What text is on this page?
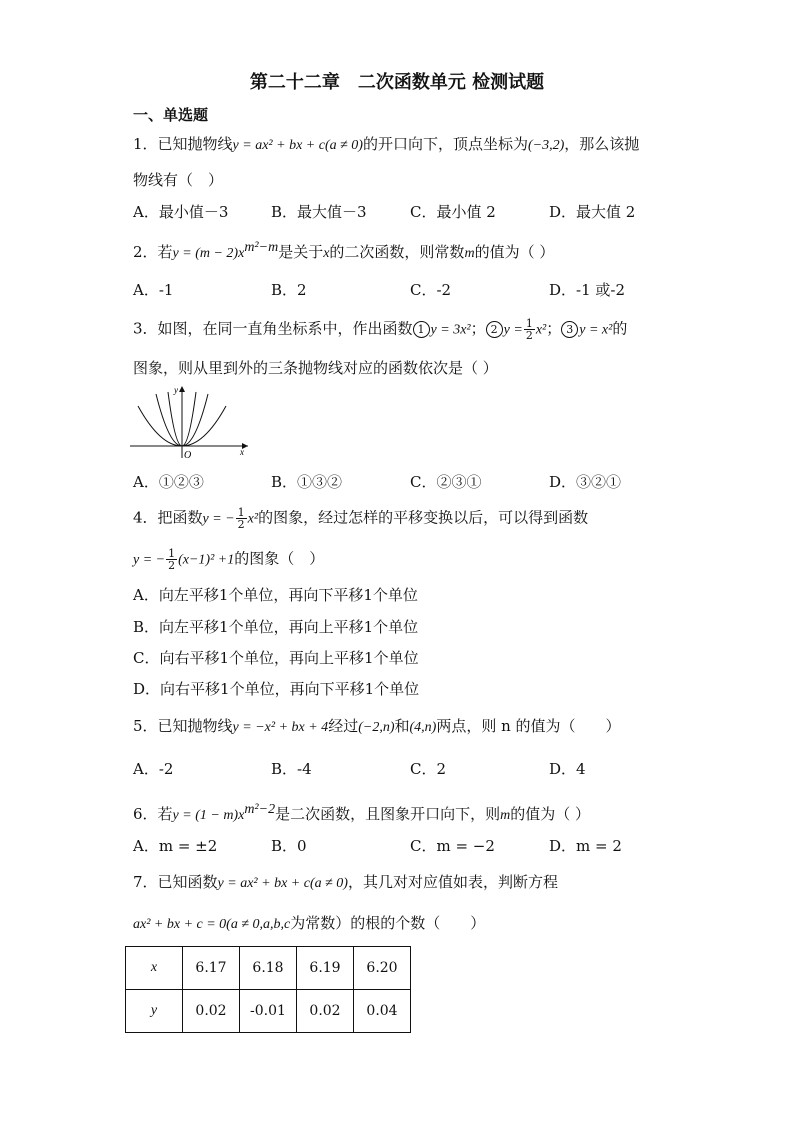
第二十二章　二次函数单元 检测试题
一、单选题
1．已知抛物线y = ax² + bx + c(a ≠ 0)的开口向下，顶点坐标为(−3,2)，那么该抛
物线有（　）
A．最小值－3	B．最大值－3	C．最小值 2	D．最大值 2
2．若$y = (m - 2)x^{m^2-m}$是关于x的二次函数，则常数m的值为（ ）
A．-1	B．2	C．-2	D．-1 或-2
3．如图，在同一直角坐标系中，作出函数 1 y = 3x²； 2 $y = \frac{1}{2} x^2$； 3 y = x²的
图象，则从里到外的三条抛物线对应的函数依次是（ ）
y
x
O
A．①②③	B．①③②	C．②③①	D．③②①
4．把函数y = − $\frac{1}{2} x^2$的图象，经过怎样的平移变换以后，可以得到函数
y = − $\frac{1}{2} (x-1)^2 +1$的图象（　）
A．向左平移1个单位，再向下平移1个单位
B．向左平移1个单位，再向上平移1个单位
C．向右平移1个单位，再向上平移1个单位
D．向右平移1个单位，再向下平移1个单位
5．已知抛物线y = −x² + bx + 4经过(−2,n)和(4,n)两点，则 n 的值为（　　）
A．-2	B．-4	C．2	D．4
6．若$y = (1 - m)x^{m^2-2}$是二次函数，且图象开口向下，则m的值为（ ）
A．m = ±2	B．0	C．m = −2	D．m = 2
7．已知函数y = ax² + bx + c(a ≠ 0)，其几对对应值如表，判断方程
ax² + bx + c = 0(a ≠ 0,a,b,c为常数）的根的个数（　　）
x	6.17	6.18	6.19	6.20
y	0.02	-0.01	0.02	0.04
